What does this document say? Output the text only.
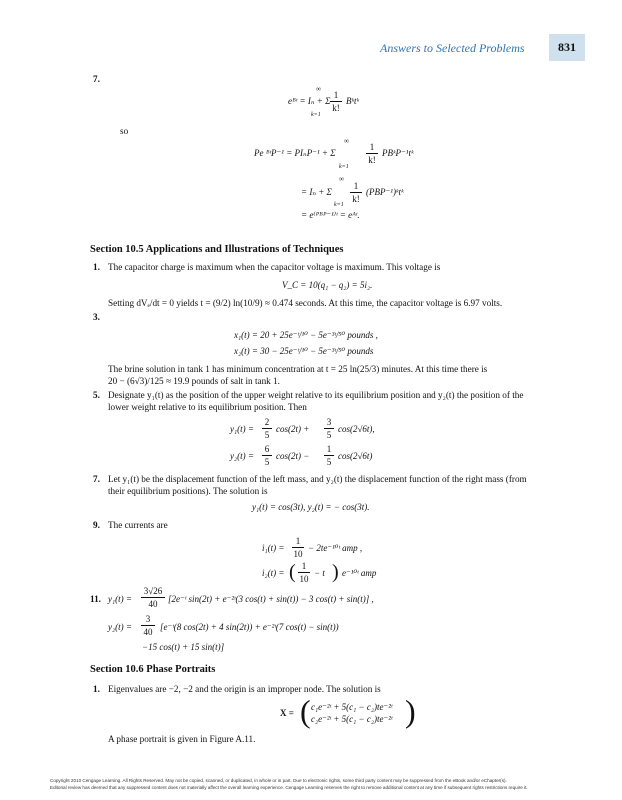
Answers to Selected Problems	831
7.
eᴮᵗ = Iₙ + Σ
∞
k=1
1
k!
Bᵏtᵏ
so
Pe ᴮᵗP⁻¹ = PIₙP⁻¹ + Σ
∞
k=1
1
k!
PBᵏP⁻¹tᵏ
= Iₙ + Σ
∞
k=1
1
k!
(PBP⁻¹)ᵏtᵏ
= e⁽ᴾᴮᴾ⁻¹⁾ᵗ = eᴬᵗ.
Section 10.5 Applications and Illustrations of Techniques
1. The capacitor charge is maximum when the capacitor voltage is maximum. This voltage is
V_C = 10(q₁ − q₂) = 5i₂.
Setting dVₑ/dt = 0 yields t = (9/2) ln(10/9) ≈ 0.474 seconds. At this time, the capacitor voltage is 6.97 volts.
3.
x₁(t) = 20 + 25e⁻ᵗ/¹⁰ − 5e⁻³ᵗ/⁵⁰ pounds ,
x₂(t) = 30 − 25e⁻ᵗ/¹⁰ − 5e⁻³ᵗ/⁵⁰ pounds
The brine solution in tank 1 has minimum concentration at t = 25 ln(25/3) minutes. At this time there is
20 − (6√3)/125 ≈ 19.9 pounds of salt in tank 1.
5. Designate y₁(t) as the position of the upper weight relative to its equilibrium position and y₂(t) the position of the
lower weight relative to its equilibrium position. Then
y₁(t) =
2
5
cos(2t) +
3
5
cos(2√6t),
y₂(t) =
6
5
cos(2t) −
1
5
cos(2√6t)
7. Let y₁(t) be the displacement function of the left mass, and y₂(t) the displacement function of the right mass (from
their equilibrium positions). The solution is
y₁(t) = cos(3t), y₂(t) = − cos(3t).
9. The currents are
i₁(t) =
1
10
− 2te⁻¹⁰ᵗ amp ,
i₂(t) = ( 1
10
− t ) e⁻¹⁰ᵗ amp
11. y₁(t) =
3√26
40	[2e⁻ᵗ sin(2t) + e⁻²ᵗ(3 cos(t) + sin(t)) − 3 cos(t) + sin(t)] ,
y₂(t) =
3
40 [e⁻ᵗ(8 cos(2t) + 4 sin(2t)) + e⁻²ᵗ(7 cos(t) − sin(t))
−15 cos(t) + 15 sin(t)]
Section 10.6 Phase Portraits
1. Eigenvalues are −2, −2 and the origin is an improper node. The solution is
X = ( c₁e⁻²ᵗ + 5(c₁ − c₂)te⁻²ᵗ
c₂e⁻²ᵗ + 5(c₁ − c₂)te⁻²ᵗ )
A phase portrait is given in Figure A.11.
Copyright 2010 Cengage Learning. All Rights Reserved. May not be copied, scanned, or duplicated, in whole or in part. Due to electronic rights, some third party content may be suppressed from the eBook and/or eChapter(s).
Editorial review has deemed that any suppressed content does not materially affect the overall learning experience. Cengage Learning reserves the right to remove additional content at any time if subsequent rights restrictions require it.
